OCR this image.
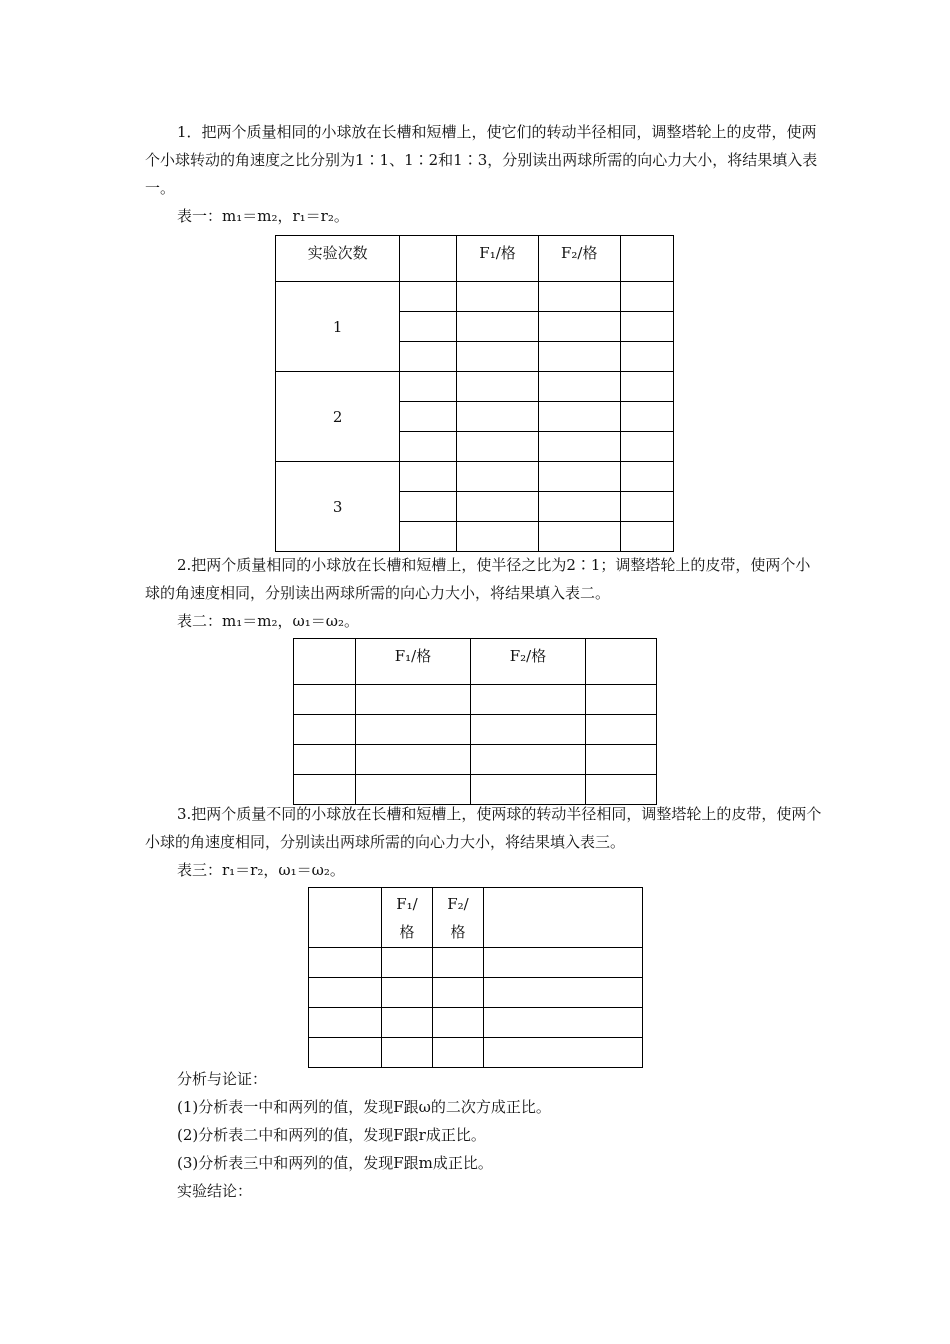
1．把两个质量相同的小球放在长槽和短槽上，使它们的转动半径相同，调整塔轮上的皮带，使两个小球转动的角速度之比分别为1∶1、1∶2和1∶3，分别读出两球所需的向心力大小，将结果填入表一。

表一：m₁＝m₂，r₁＝r₂。
实验次数		F₁/格	F₂/格	
1				

2				

3				

2.把两个质量相同的小球放在长槽和短槽上，使半径之比为2∶1；调整塔轮上的皮带，使两个小球的角速度相同，分别读出两球所需的向心力大小，将结果填入表二。

表二：m₁＝m₂，ω₁＝ω₂。
	F₁/格	F₂/格	

3.把两个质量不同的小球放在长槽和短槽上，使两球的转动半径相同，调整塔轮上的皮带，使两个小球的角速度相同，分别读出两球所需的向心力大小，将结果填入表三。

表三：r₁＝r₂，ω₁＝ω₂。
	F₁/格	F₂/格	

分析与论证：
(1)分析表一中和两列的值，发现F跟ω的二次方成正比。
(2)分析表二中和两列的值，发现F跟r成正比。
(3)分析表三中和两列的值，发现F跟m成正比。
实验结论：
